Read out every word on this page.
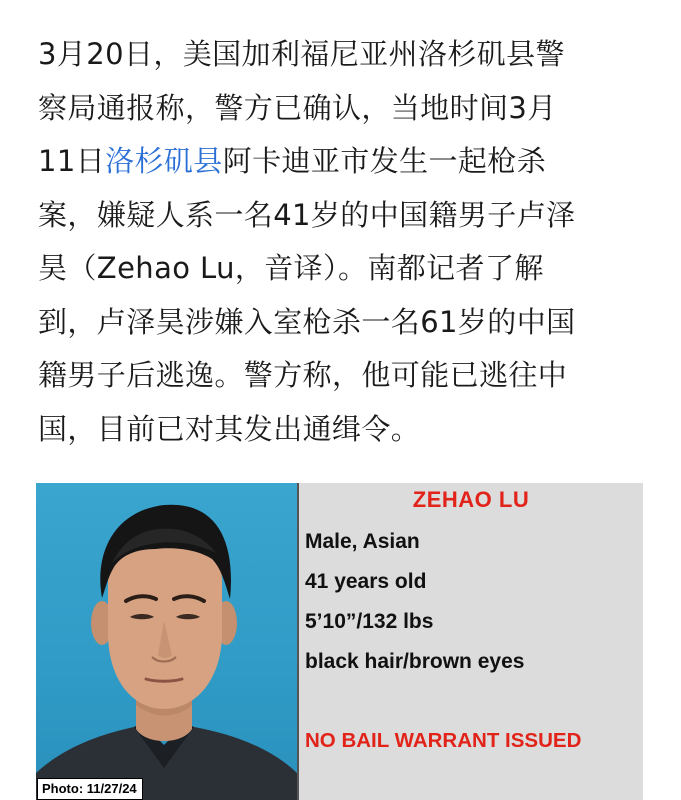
3月20日，美国加利福尼亚州洛杉矶县警
察局通报称，警方已确认，当地时间3月
11日洛杉矶县阿卡迪亚市发生一起枪杀
案，嫌疑人系一名41岁的中国籍男子卢泽
昊（Zehao Lu，音译）。南都记者了解
到，卢泽昊涉嫌入室枪杀一名61岁的中国
籍男子后逃逸。警方称，他可能已逃往中
国，目前已对其发出通缉令。
Photo: 11/27/24
ZEHAO LU
Male, Asian
41 years old
5’10”/132 lbs
black hair/brown eyes
NO BAIL WARRANT ISSUED
